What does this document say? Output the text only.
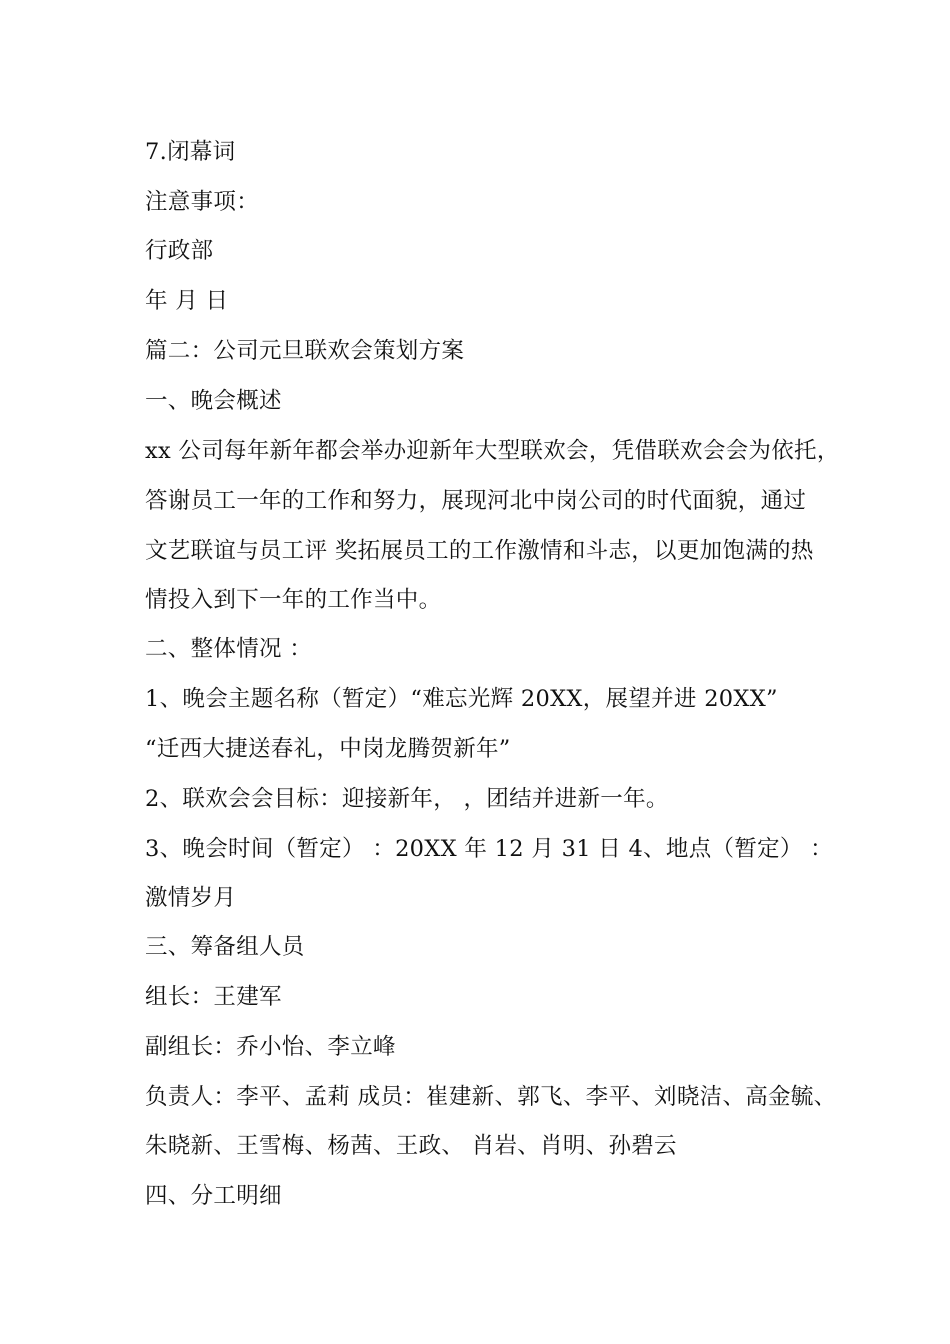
7.闭幕词
注意事项：
行政部
年 月 日
篇二：公司元旦联欢会策划方案
一、晚会概述
xx 公司每年新年都会举办迎新年大型联欢会，凭借联欢会会为依托，
答谢员工一年的工作和努力，展现河北中岗公司的时代面貌，通过
文艺联谊与员工评 奖拓展员工的工作激情和斗志，以更加饱满的热
情投入到下一年的工作当中。
二、整体情况 ：
1、晚会主题名称（暂定）“难忘光辉 20XX，展望并进 20XX”
“迁西大捷送春礼，中岗龙腾贺新年”
2、联欢会会目标：迎接新年， ，团结并进新一年。
3、晚会时间（暂定） ：20XX 年 12 月 31 日 4、地点（暂定） ：
激情岁月
三、筹备组人员
组长：王建军
副组长：乔小怡、李立峰
负责人：李平、孟莉 成员：崔建新、郭飞、李平、刘晓洁、高金毓、
朱晓新、王雪梅、杨茜、王政、 肖岩、肖明、孙碧云
四、分工明细
